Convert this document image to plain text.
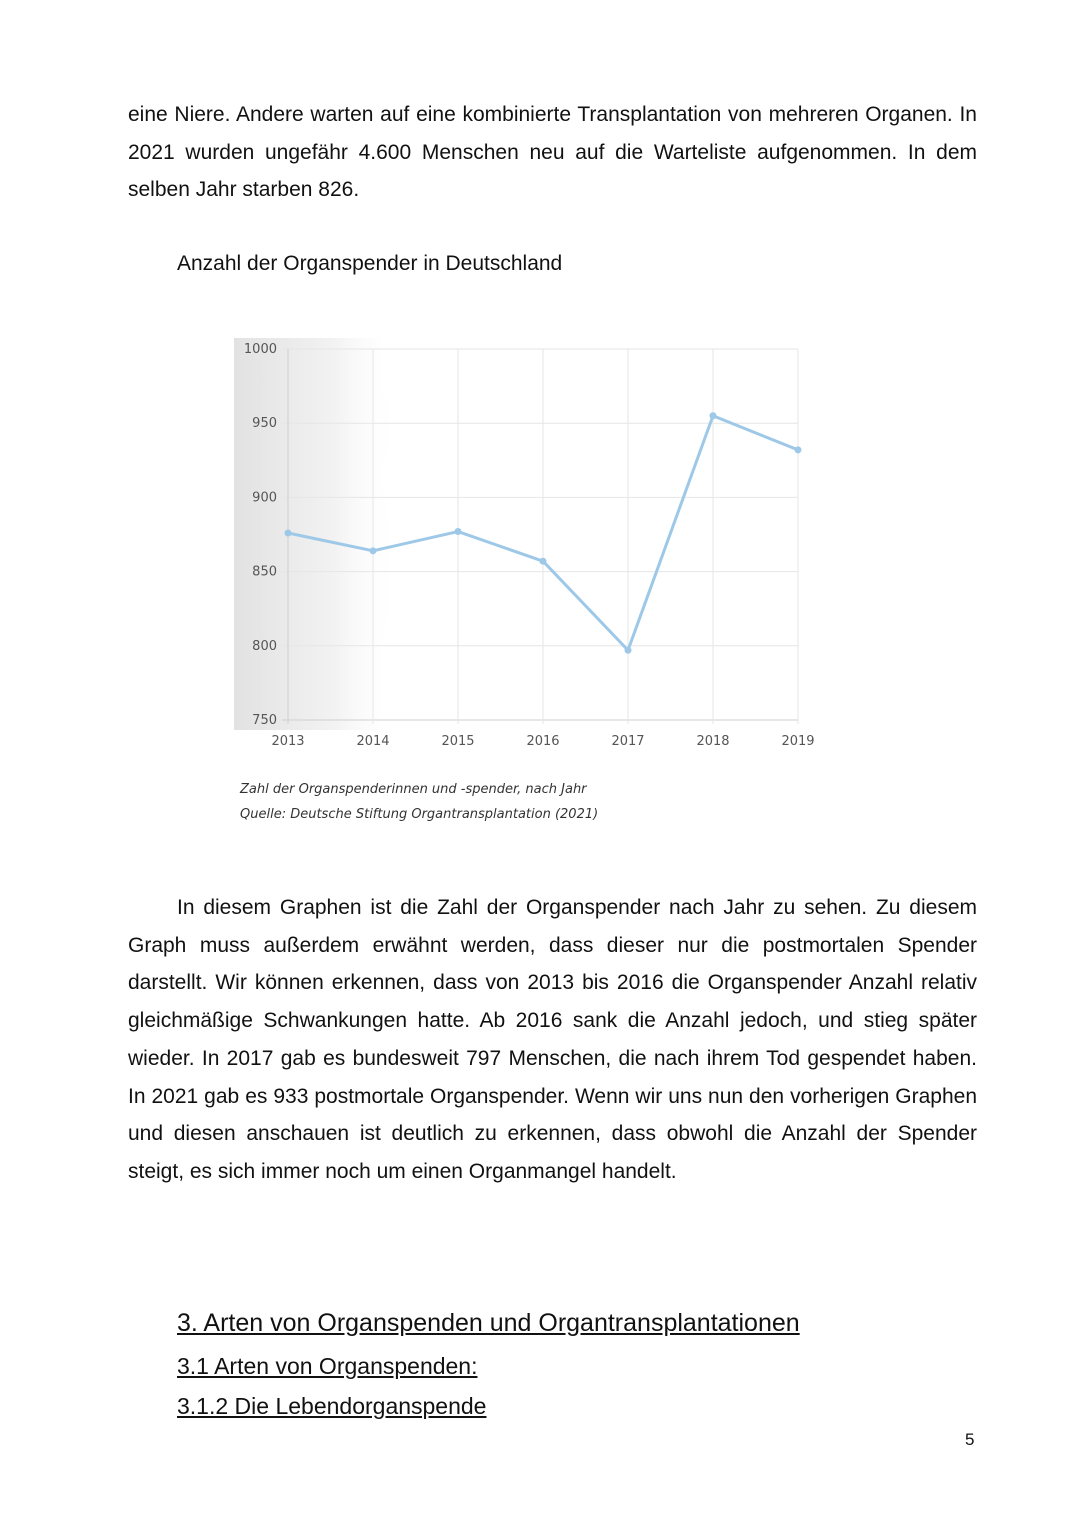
eine Niere. Andere warten auf eine kombinierte Transplantation von mehreren Organen. In 2021 wurden ungefähr 4.600 Menschen neu auf die Warteliste aufgenommen. In dem selben Jahr starben 826.

Anzahl der Organspender in Deutschland

1000
950
900
850
800
750
2013	2014	2015	2016	2017	2018	2019
Zahl der Organspenderinnen und -spender, nach Jahr
Quelle: Deutsche Stiftung Organtransplantation (2021)

In diesem Graphen ist die Zahl der Organspender nach Jahr zu sehen. Zu diesem Graph muss außerdem erwähnt werden, dass dieser nur die postmortalen Spender darstellt. Wir können erkennen, dass von 2013 bis 2016 die Organspender Anzahl relativ gleichmäßige Schwankungen hatte. Ab 2016 sank die Anzahl jedoch, und stieg später wieder. In 2017 gab es bundesweit 797 Menschen, die nach ihrem Tod gespendet haben. In 2021 gab es 933 postmortale Organspender. Wenn wir uns nun den vorherigen Graphen und diesen anschauen ist deutlich zu erkennen, dass obwohl die Anzahl der Spender steigt, es sich immer noch um einen Organmangel handelt.

3. Arten von Organspenden und Organtransplantationen
3.1 Arten von Organspenden:
3.1.2 Die Lebendorganspende
5
